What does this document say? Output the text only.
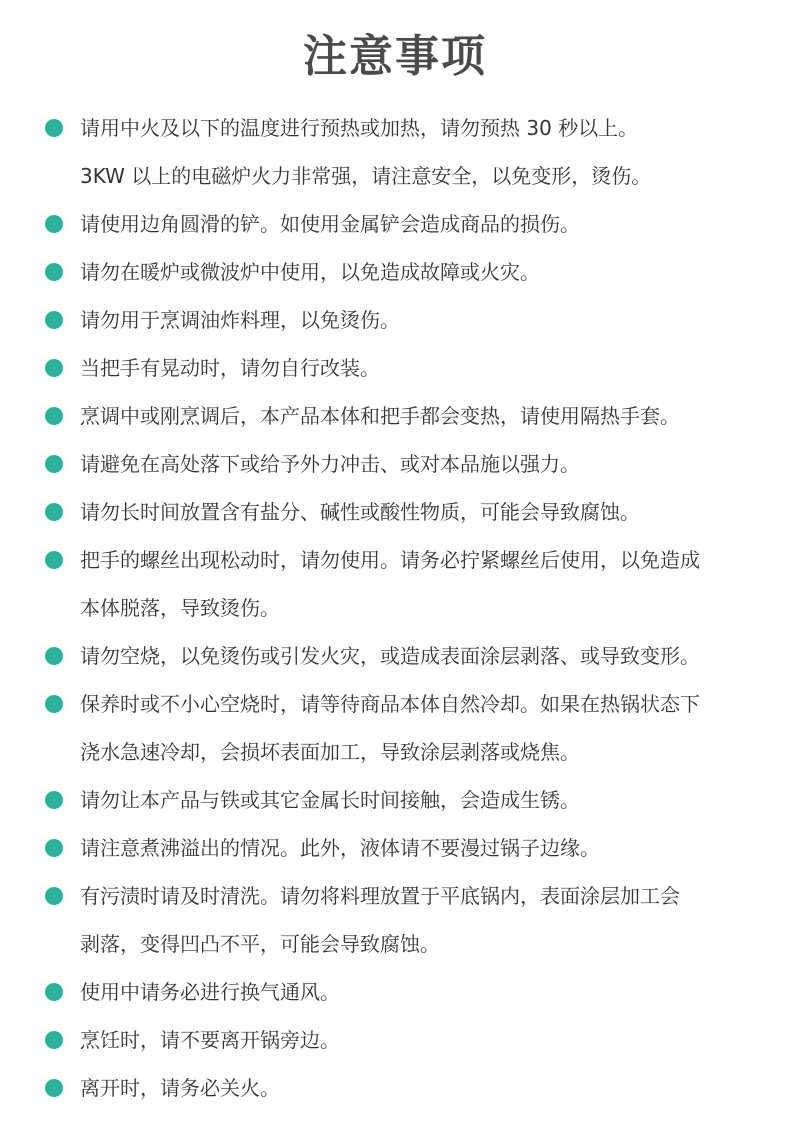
注意事项
请用中火及以下的温度进行预热或加热，请勿预热 30 秒以上。
3KW 以上的电磁炉火力非常强，请注意安全，以免变形，烫伤。
请使用边角圆滑的铲。如使用金属铲会造成商品的损伤。
请勿在暖炉或微波炉中使用，以免造成故障或火灾。
请勿用于烹调油炸料理，以免烫伤。
当把手有晃动时，请勿自行改装。
烹调中或刚烹调后，本产品本体和把手都会变热，请使用隔热手套。
请避免在高处落下或给予外力冲击、或对本品施以强力。
请勿长时间放置含有盐分、碱性或酸性物质，可能会导致腐蚀。
把手的螺丝出现松动时，请勿使用。请务必拧紧螺丝后使用，以免造成
本体脱落，导致烫伤。
请勿空烧，以免烫伤或引发火灾，或造成表面涂层剥落、或导致变形。
保养时或不小心空烧时，请等待商品本体自然冷却。如果在热锅状态下
浇水急速冷却，会损坏表面加工，导致涂层剥落或烧焦。
请勿让本产品与铁或其它金属长时间接触，会造成生锈。
请注意煮沸溢出的情况。此外，液体请不要漫过锅子边缘。
有污渍时请及时清洗。请勿将料理放置于平底锅内，表面涂层加工会
剥落，变得凹凸不平，可能会导致腐蚀。
使用中请务必进行换气通风。
烹饪时，请不要离开锅旁边。
离开时，请务必关火。
